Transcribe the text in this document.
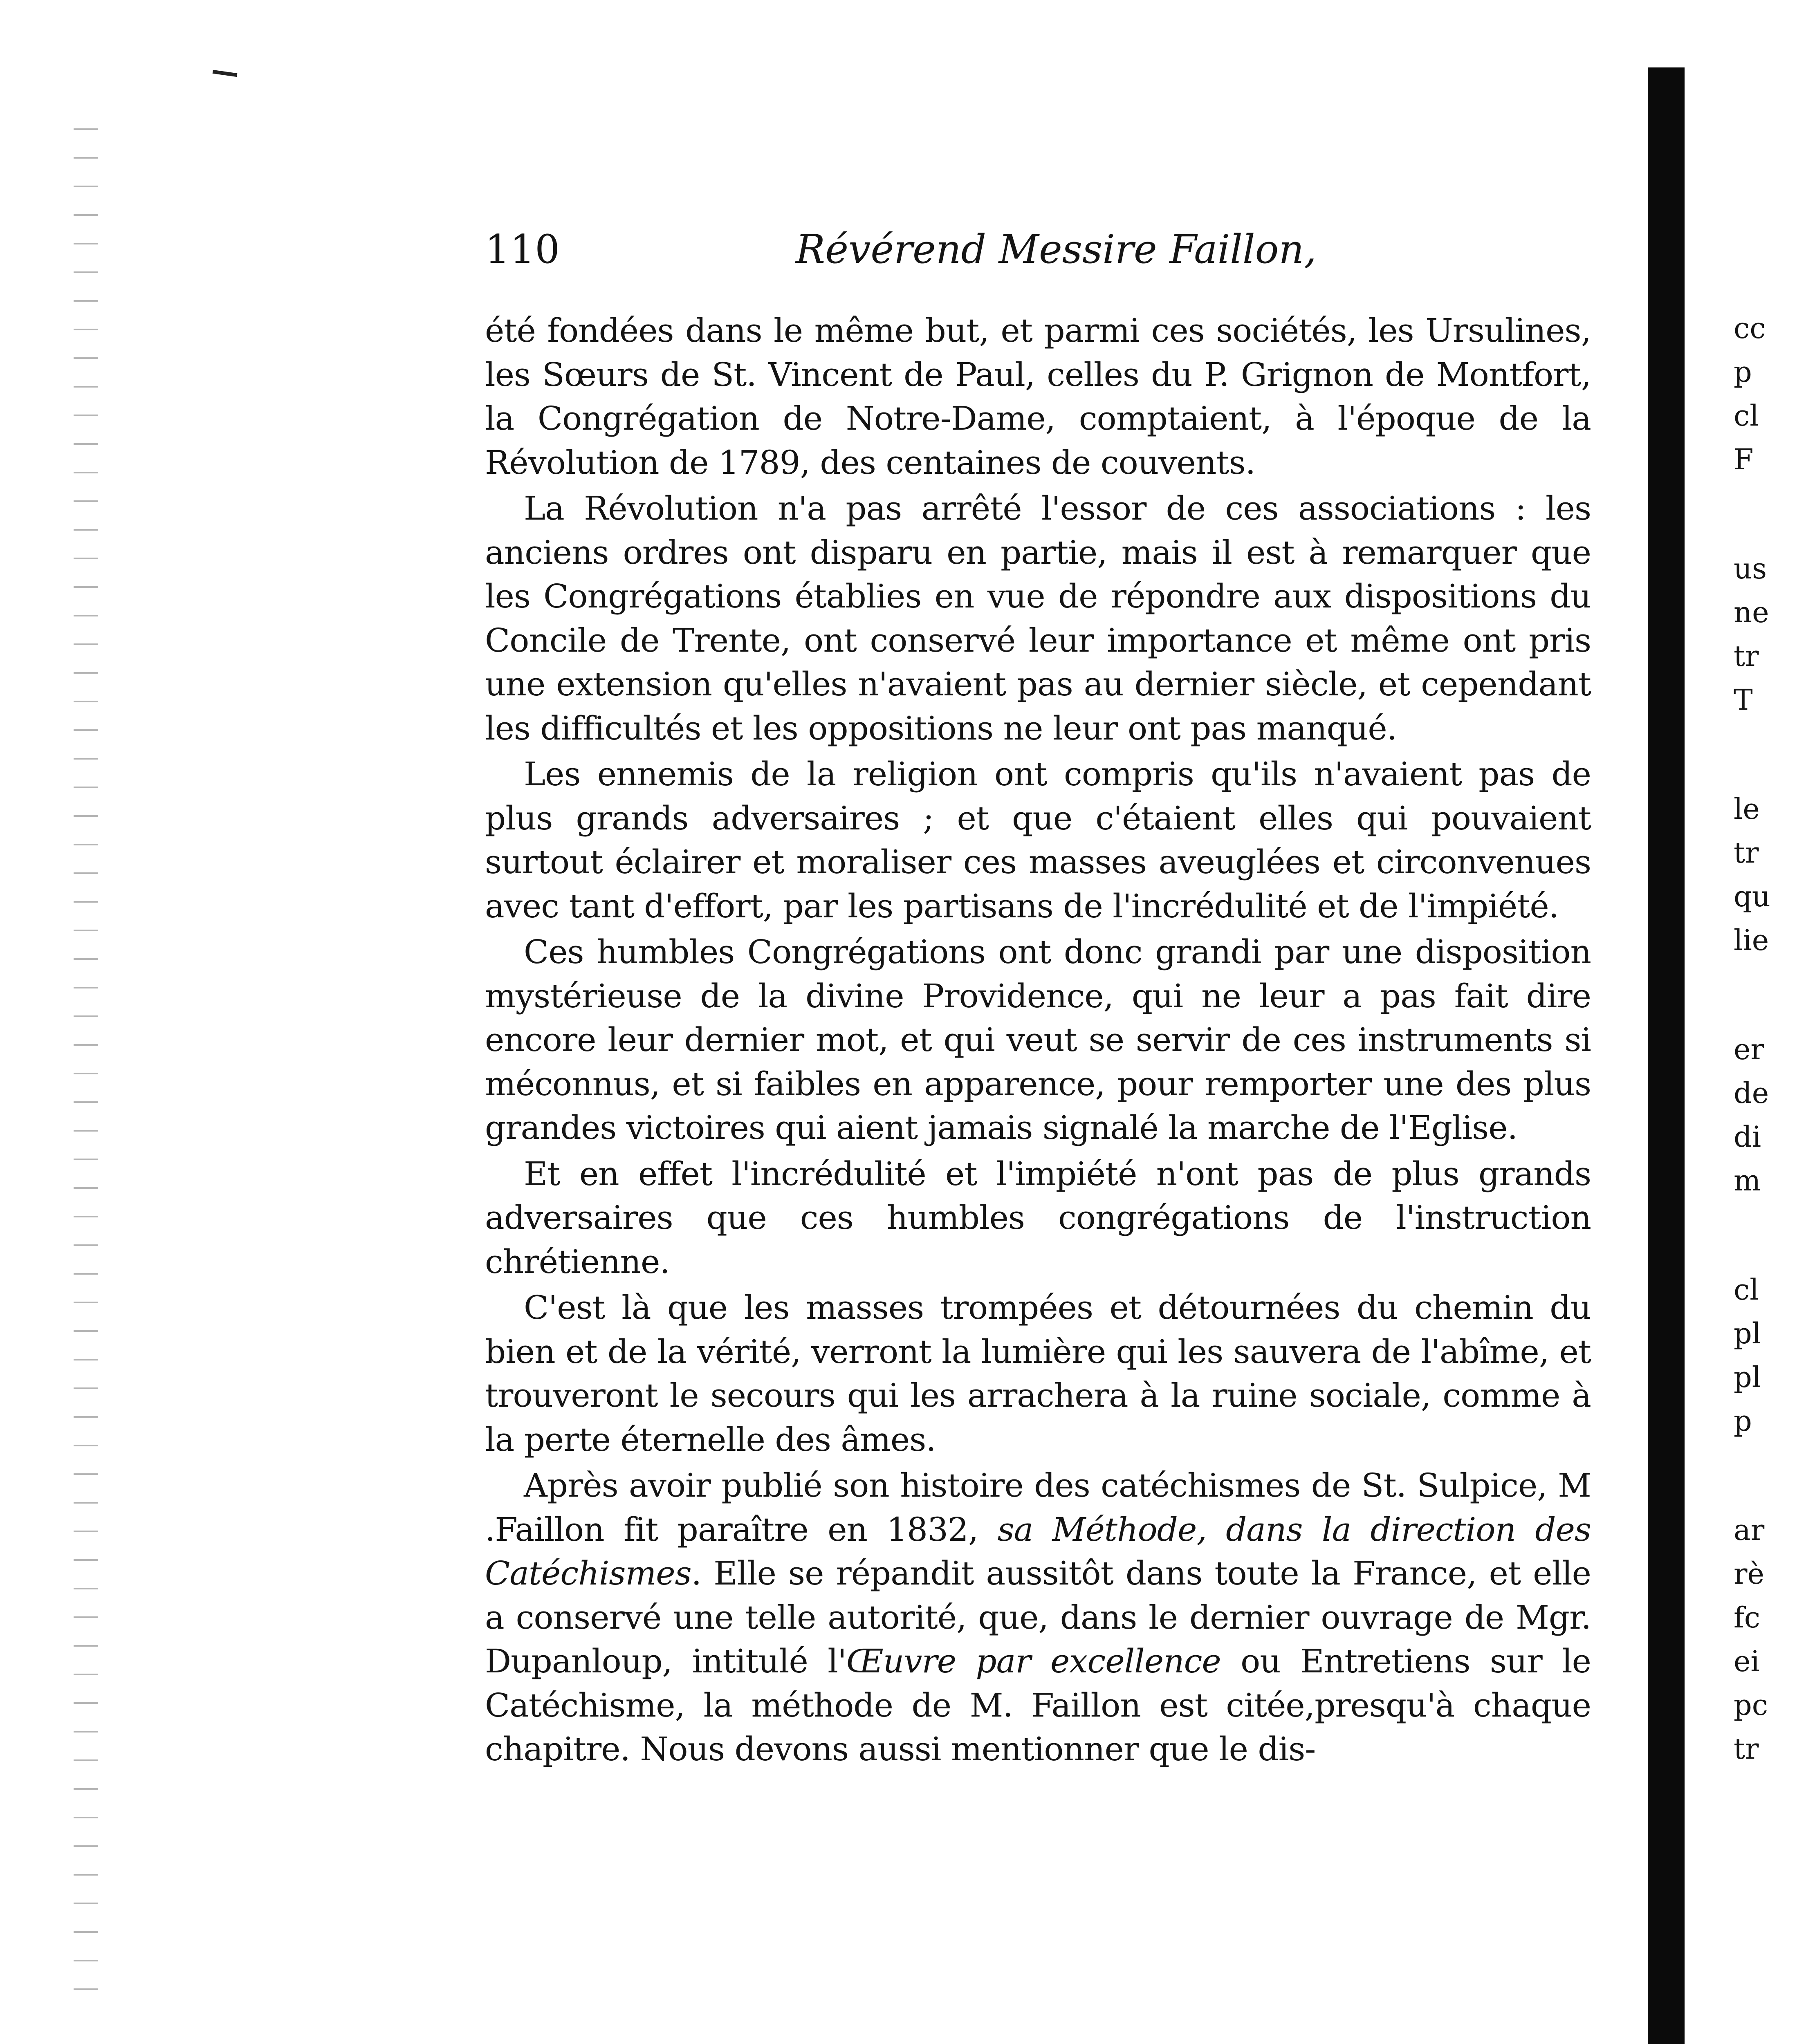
110	Révérend Messire Faillon,

été fondées dans le même but, et parmi ces sociétés, les Ursulines, les Sœurs de St. Vincent de Paul, celles du P. Grignon de Montfort, la Congrégation de Notre-Dame, comptaient, à l'époque de la Révolution de 1789, des centaines de couvents.

La Révolution n'a pas arrêté l'essor de ces associations : les anciens ordres ont disparu en partie, mais il est à remarquer que les Congrégations établies en vue de répondre aux dispositions du Concile de Trente, ont conservé leur importance et même ont pris une extension qu'elles n'avaient pas au dernier siècle, et cependant les difficultés et les oppositions ne leur ont pas manqué.

Les ennemis de la religion ont compris qu'ils n'avaient pas de plus grands adversaires ; et que c'étaient elles qui pouvaient surtout éclairer et moraliser ces masses aveuglées et circonvenues avec tant d'effort, par les partisans de l'incrédulité et de l'impiété.

Ces humbles Congrégations ont donc grandi par une disposition mystérieuse de la divine Providence, qui ne leur a pas fait dire encore leur dernier mot, et qui veut se servir de ces instruments si méconnus, et si faibles en apparence, pour remporter une des plus grandes victoires qui aient jamais signalé la marche de l'Eglise.

Et en effet l'incrédulité et l'impiété n'ont pas de plus grands adversaires que ces humbles congrégations de l'instruction chrétienne.

C'est là que les masses trompées et détournées du chemin du bien et de la vérité, verront la lumière qui les sauvera de l'abîme, et trouveront le secours qui les arrachera à la ruine sociale, comme à la perte éternelle des âmes.

Après avoir publié son histoire des catéchismes de St. Sulpice, M .Faillon fit paraître en 1832, sa Méthode, dans la direction des Catéchismes. Elle se répandit aussitôt dans toute la France, et elle a conservé une telle autorité, que, dans le dernier ouvrage de Mgr. Dupanloup, intitulé l'Œuvre par excellence ou Entretiens sur le Catéchisme, la méthode de M. Faillon est citée,presqu'à chaque chapitre. Nous devons aussi mentionner que le dis-

cc
p
cl
F
us
ne
tr
T
le
tr
qu
lie
er
de
di
m
cl
pl
pl
p
ar
rè
fc
ei
pc
tr
